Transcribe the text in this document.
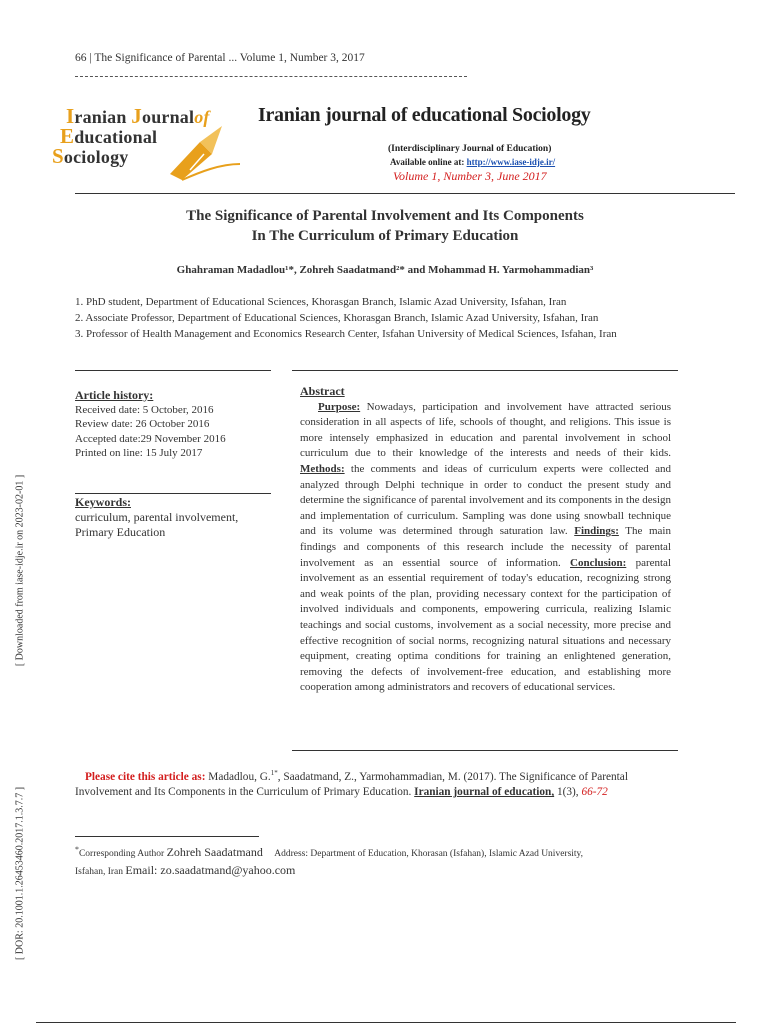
66 | The Significance of Parental ... Volume 1, Number 3, 2017
Iranian Journalof
Educational
Sociology
Iranian journal of educational Sociology
(Interdisciplinary Journal of Education)
Available online at: http://www.iase-idje.ir/
Volume 1, Number 3, June 2017
The Significance of Parental Involvement and Its Components
In The Curriculum of Primary Education
Ghahraman Madadlou¹*, Zohreh Saadatmand²* and Mohammad H. Yarmohammadian³
1. PhD student, Department of Educational Sciences, Khorasgan Branch, Islamic Azad University, Isfahan, Iran
2. Associate Professor, Department of Educational Sciences, Khorasgan Branch, Islamic Azad University, Isfahan, Iran
3. Professor of Health Management and Economics Research Center, Isfahan University of Medical Sciences, Isfahan, Iran
Article history:
Received date: 5 October, 2016
Review date: 26 October 2016
Accepted date:29 November 2016
Printed on line: 15 July 2017
Keywords:
curriculum, parental involvement, Primary Education
Abstract
Purpose: Nowadays, participation and involvement have attracted serious consideration in all aspects of life, schools of thought, and religions. This issue is more intensely emphasized in education and parental involvement in school curriculum due to their knowledge of the interests and needs of their kids. Methods: the comments and ideas of curriculum experts were collected and analyzed through Delphi technique in order to conduct the present study and determine the significance of parental involvement and its components in the design and implementation of curriculum. Sampling was done using snowball technique and its volume was determined through saturation law. Findings: The main findings and components of this research include the necessity of parental involvement as an essential source of information. Conclusion: parental involvement as an essential requirement of today's education, recognizing strong and weak points of the plan, providing necessary context for the participation of involved individuals and components, empowering curricula, realizing Islamic teachings and social customs, involvement as a social necessity, more precise and effective recognition of social norms, recognizing natural situations and necessary equipment, creating optima conditions for training an enlightened generation, removing the defects of involvement-free education, and establishing more cooperation among administrators and recovers of educational services.
Please cite this article as: Madadlou, G.$^{1*}$, Saadatmand, Z., Yarmohammadian, M. (2017). The Significance of Parental Involvement and Its Components in the Curriculum of Primary Education. Iranian journal of education, 1(3), 66-72
*Corresponding Author Zohreh Saadatmand     Address: Department of Education, Khorasan (Isfahan), Islamic Azad University,
Isfahan, Iran Email: zo.saadatmand@yahoo.com
[ Downloaded from iase-idje.ir on 2023-02-01 ]
[ DOR: 20.1001.1.26453460.2017.1.3.7.7 ]
